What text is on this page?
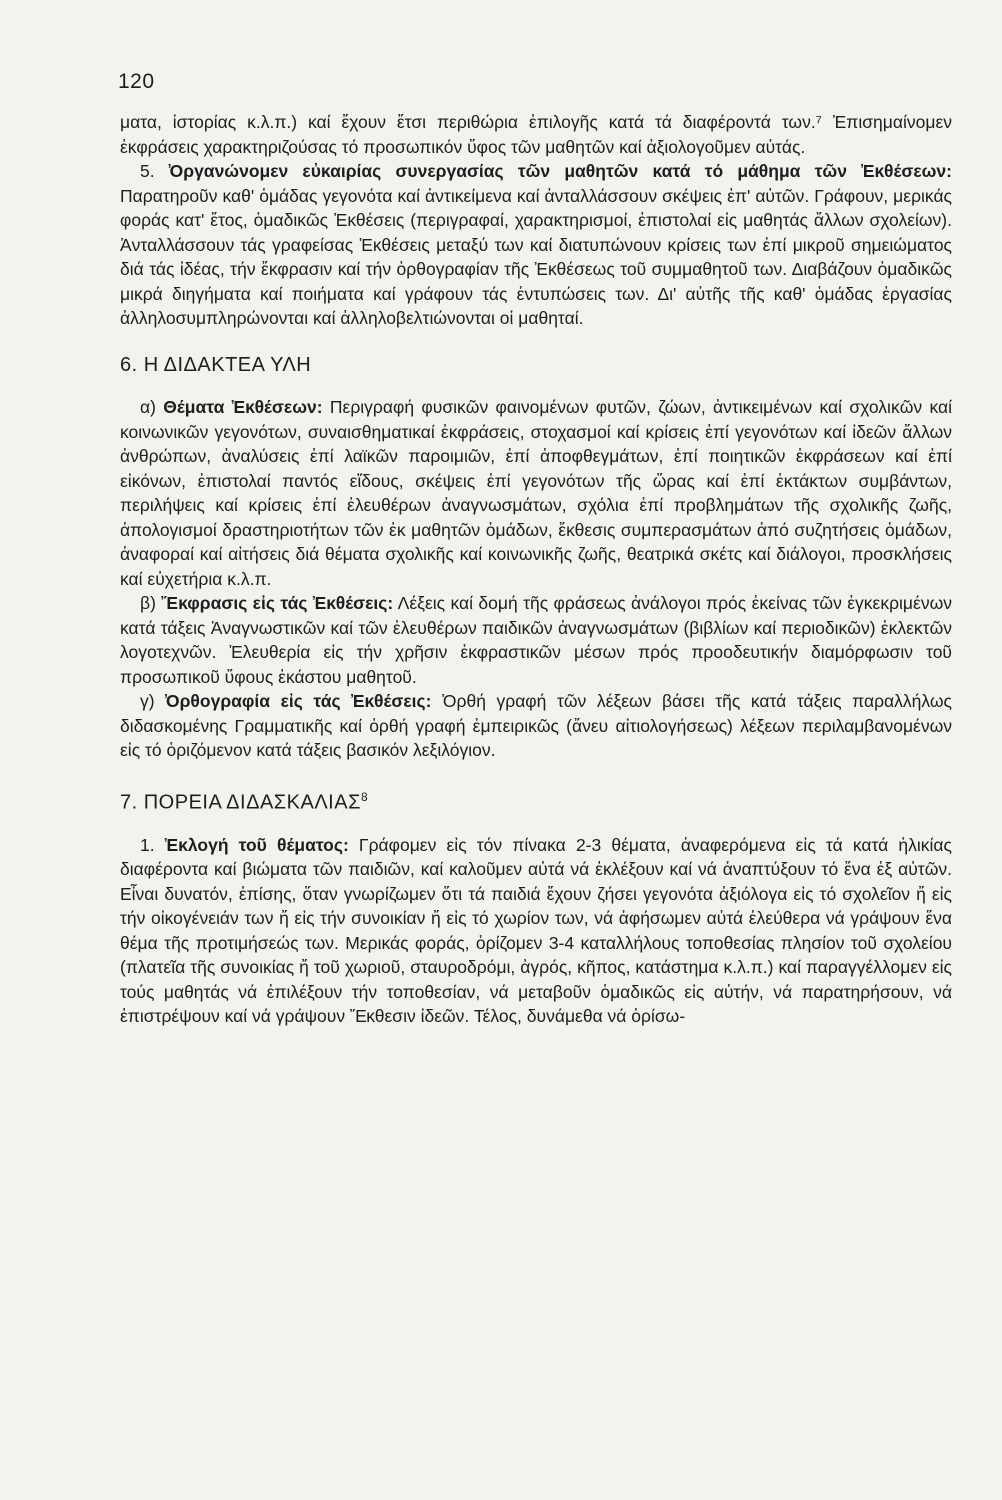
120

ματα, ἱστορίας κ.λ.π.) καί ἔχουν ἔτσι περιθώρια ἐπιλογῆς κατά τά διαφέροντά των.⁷ Ἐπισημαίνομεν ἐκφράσεις χαρακτηριζούσας τό προσωπικόν ὕφος τῶν μαθητῶν καί ἀξιολογοῦμεν αὐτάς.

5. Ὀργανώνομεν εὐκαιρίας συνεργασίας τῶν μαθητῶν κατά τό μάθημα τῶν Ἐκθέσεων: Παρατηροῦν καθ' ὁμάδας γεγονότα καί ἀντικείμενα καί ἀνταλλάσσουν σκέψεις ἐπ' αὐτῶν. Γράφουν, μερικάς φοράς κατ' ἔτος, ὁμαδικῶς Ἐκθέσεις (περιγραφαί, χαρακτηρισμοί, ἐπιστολαί εἰς μαθητάς ἄλλων σχολείων). Ἀνταλλάσσουν τάς γραφείσας Ἐκθέσεις μεταξύ των καί διατυπώνουν κρίσεις των ἐπί μικροῦ σημειώματος διά τάς ἰδέας, τήν ἔκφρασιν καί τήν ὀρθογραφίαν τῆς Ἐκθέσεως τοῦ συμμαθητοῦ των. Διαβάζουν ὁμαδικῶς μικρά διηγήματα καί ποιήματα καί γράφουν τάς ἐντυπώσεις των. Δι' αὐτῆς τῆς καθ' ὁμάδας ἐργασίας ἀλληλοσυμπληρώνονται καί ἀλληλοβελτιώνονται οἱ μαθηταί.

6. Η ΔΙΔΑΚΤΕΑ ΥΛΗ

α) Θέματα Ἐκθέσεων: Περιγραφή φυσικῶν φαινομένων φυτῶν, ζώων, ἀντικειμένων καί σχολικῶν καί κοινωνικῶν γεγονότων, συναισθηματικαί ἐκφράσεις, στοχασμοί καί κρίσεις ἐπί γεγονότων καί ἰδεῶν ἄλλων ἀνθρώπων, ἀναλύσεις ἐπί λαϊκῶν παροιμιῶν, ἐπί ἀποφθεγμάτων, ἐπί ποιητικῶν ἐκφράσεων καί ἐπί εἰκόνων, ἐπιστολαί παντός εἴδους, σκέψεις ἐπί γεγονότων τῆς ὥρας καί ἐπί ἐκτάκτων συμβάντων, περιλήψεις καί κρίσεις ἐπί ἐλευθέρων ἀναγνωσμάτων, σχόλια ἐπί προβλημάτων τῆς σχολικῆς ζωῆς, ἀπολογισμοί δραστηριοτήτων τῶν ἐκ μαθητῶν ὁμάδων, ἔκθεσις συμπερασμάτων ἀπό συζητήσεις ὁμάδων, ἀναφοραί καί αἰτήσεις διά θέματα σχολικῆς καί κοινωνικῆς ζωῆς, θεατρικά σκέτς καί διάλογοι, προσκλήσεις καί εὐχετήρια κ.λ.π.

β) Ἔκφρασις εἰς τάς Ἐκθέσεις: Λέξεις καί δομή τῆς φράσεως ἀνάλογοι πρός ἐκείνας τῶν ἐγκεκριμένων κατά τάξεις Ἀναγνωστικῶν καί τῶν ἐλευθέρων παιδικῶν ἀναγνωσμάτων (βιβλίων καί περιοδικῶν) ἐκλεκτῶν λογοτεχνῶν. Ἐλευθερία εἰς τήν χρῆσιν ἐκφραστικῶν μέσων πρός προοδευτικήν διαμόρφωσιν τοῦ προσωπικοῦ ὕφους ἑκάστου μαθητοῦ.

γ) Ὀρθογραφία εἰς τάς Ἐκθέσεις: Ὀρθή γραφή τῶν λέξεων βάσει τῆς κατά τάξεις παραλλήλως διδασκομένης Γραμματικῆς καί ὀρθή γραφή ἐμπειρικῶς (ἄνευ αἰτιολογήσεως) λέξεων περιλαμβανομένων εἰς τό ὁριζόμενον κατά τάξεις βασικόν λεξιλόγιον.

7. ΠΟΡΕΙΑ ΔΙΔΑΣΚΑΛΙΑΣ$^8$

1. Ἐκλογή τοῦ θέματος: Γράφομεν εἰς τόν πίνακα 2-3 θέματα, ἀναφερόμενα εἰς τά κατά ἡλικίας διαφέροντα καί βιώματα τῶν παιδιῶν, καί καλοῦμεν αὐτά νά ἐκλέξουν καί νά ἀναπτύξουν τό ἕνα ἐξ αὐτῶν. Εἶναι δυνατόν, ἐπίσης, ὅταν γνωρίζωμεν ὅτι τά παιδιά ἔχουν ζήσει γεγονότα ἀξιόλογα εἰς τό σχολεῖον ἤ εἰς τήν οἰκογένειάν των ἤ εἰς τήν συνοικίαν ἤ εἰς τό χωρίον των, νά ἀφήσωμεν αὐτά ἐλεύθερα νά γράψουν ἕνα θέμα τῆς προτιμήσεώς των. Μερικάς φοράς, ὁρίζομεν 3-4 καταλλήλους τοποθεσίας πλησίον τοῦ σχολείου (πλατεῖα τῆς συνοικίας ἤ τοῦ χωριοῦ, σταυροδρόμι, ἀγρός, κῆπος, κατάστημα κ.λ.π.) καί παραγγέλλομεν εἰς τούς μαθητάς νά ἐπιλέξουν τήν τοποθεσίαν, νά μεταβοῦν ὁμαδικῶς εἰς αὐτήν, νά παρατηρήσουν, νά ἐπιστρέψουν καί νά γράψουν Ἔκθεσιν ἰδεῶν. Τέλος, δυνάμεθα νά ὁρίσω-
